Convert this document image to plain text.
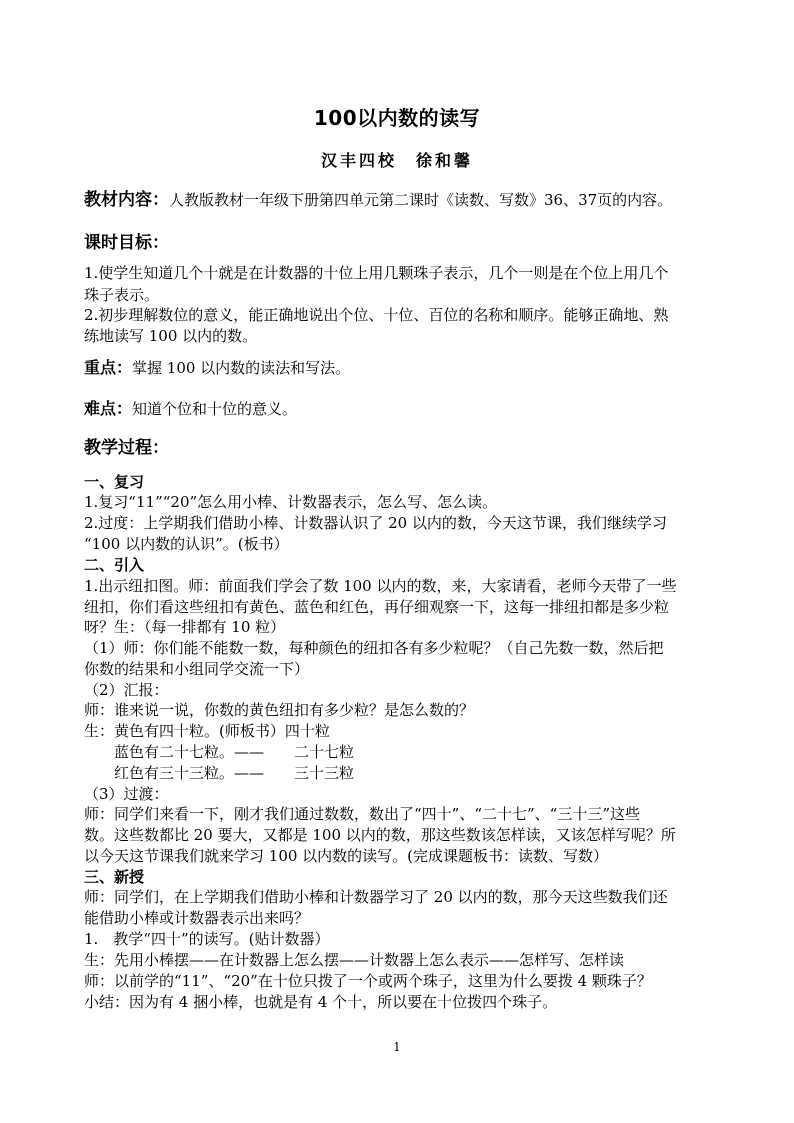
100以内数的读写
汉丰四校　徐和馨
教材内容：人教版教材一年级下册第四单元第二课时《读数、写数》36、37页的内容。
课时目标：
1.使学生知道几个十就是在计数器的十位上用几颗珠子表示，几个一则是在个位上用几个
珠子表示。
2.初步理解数位的意义，能正确地说出个位、十位、百位的名称和顺序。能够正确地、熟
练地读写 100 以内的数。
重点：掌握 100 以内数的读法和写法。
难点：知道个位和十位的意义。
教学过程：
一、复习
1.复习“11”“20”怎么用小棒、计数器表示，怎么写、怎么读。
2.过度：上学期我们借助小棒、计数器认识了 20 以内的数，今天这节课，我们继续学习
“100 以内数的认识”。(板书）
二、引入
1.出示纽扣图。师：前面我们学会了数 100 以内的数，来，大家请看，老师今天带了一些
纽扣，你们看这些纽扣有黄色、蓝色和红色，再仔细观察一下，这每一排纽扣都是多少粒
呀？生：（每一排都有 10 粒）
（1）师：你们能不能数一数，每种颜色的纽扣各有多少粒呢？（自己先数一数，然后把
你数的结果和小组同学交流一下）
（2）汇报：
师：谁来说一说，你数的黄色纽扣有多少粒？是怎么数的？
生：黄色有四十粒。(师板书）四十粒
　　蓝色有二十七粒。——　　二十七粒
　　红色有三十三粒。——　　三十三粒
（3）过渡：
师：同学们来看一下，刚才我们通过数数，数出了“四十”、“二十七”、“三十三”这些
数。这些数都比 20 要大，又都是 100 以内的数，那这些数该怎样读，又该怎样写呢？所
以今天这节课我们就来学习 100 以内数的读写。(完成课题板书：读数、写数）
三、新授
师：同学们，在上学期我们借助小棒和计数器学习了 20 以内的数，那今天这些数我们还
能借助小棒或计数器表示出来吗？
1.　教学“四十”的读写。(贴计数器）
生：先用小棒摆——在计数器上怎么摆——计数器上怎么表示——怎样写、怎样读
师：以前学的“11”、“20”在十位只拨了一个或两个珠子，这里为什么要拨 4 颗珠子？
小结：因为有 4 捆小棒，也就是有 4 个十，所以要在十位拨四个珠子。
1
